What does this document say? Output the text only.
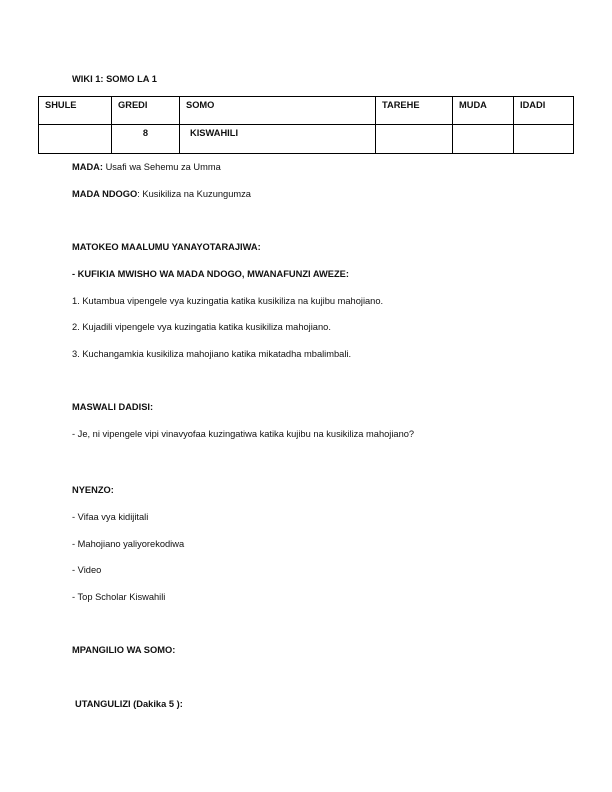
WIKI 1: SOMO LA 1
SHULE	GREDI	SOMO	TAREHE	MUDA	IDADI
	8	KISWAHILI			
MADA: Usafi wa Sehemu za Umma
MADA NDOGO: Kusikiliza na Kuzungumza
MATOKEO MAALUMU YANAYOTARAJIWA:
- KUFIKIA MWISHO WA MADA NDOGO, MWANAFUNZI AWEZE:
1. Kutambua vipengele vya kuzingatia katika kusikiliza na kujibu mahojiano.
2. Kujadili vipengele vya kuzingatia katika kusikiliza mahojiano.
3. Kuchangamkia kusikiliza mahojiano katika mikatadha mbalimbali.
MASWALI DADISI:
- Je, ni vipengele vipi vinavyofaa kuzingatiwa katika kujibu na kusikiliza mahojiano?
NYENZO:
- Vifaa vya kidijitali
- Mahojiano yaliyorekodiwa
- Video
- Top Scholar Kiswahili
MPANGILIO WA SOMO:
UTANGULIZI (Dakika 5 ):
